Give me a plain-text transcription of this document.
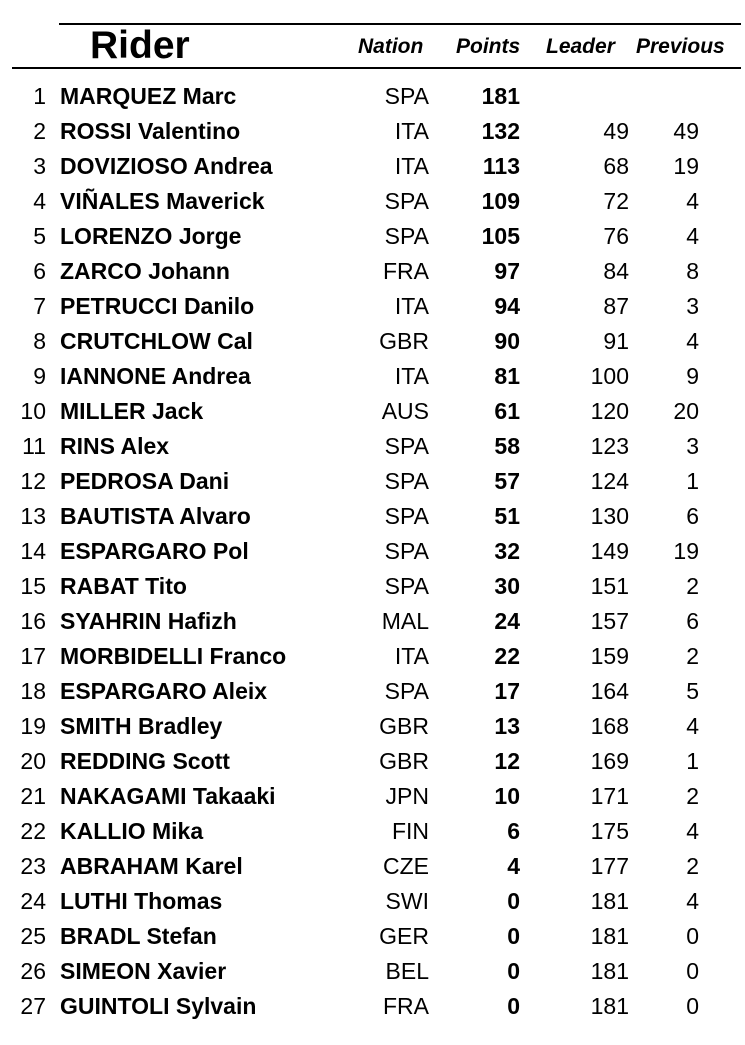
Rider	Nation Points Leader Previous
1 MARQUEZ Marc	SPA 181
2 ROSSI Valentino	ITA 132	49 49
3 DOVIZIOSO Andrea	ITA 113	68 19
4 VIÑALES Maverick	SPA 109	72 4
5 LORENZO Jorge	SPA 105	76 4
6 ZARCO Johann	FRA	97	84 8
7 PETRUCCI Danilo	ITA	94	87 3
8 CRUTCHLOW Cal	GBR	90	91 4
9 IANNONE Andrea	ITA	81	100 9
10 MILLER Jack	AUS	61	120 20
11 RINS Alex	SPA	58	123 3
12 PEDROSA Dani	SPA	57	124 1
13 BAUTISTA Alvaro	SPA	51	130 6
14 ESPARGARO Pol	SPA	32	149 19
15 RABAT Tito	SPA	30	151 2
16 SYAHRIN Hafizh	MAL	24	157 6
17 MORBIDELLI Franco	ITA	22	159 2
18 ESPARGARO Aleix	SPA	17	164 5
19 SMITH Bradley	GBR	13	168 4
20 REDDING Scott	GBR	12	169 1
21 NAKAGAMI Takaaki	JPN	10	171 2
22 KALLIO Mika	FIN	6	175 4
23 ABRAHAM Karel	CZE	4	177 2
24 LUTHI Thomas	SWI	0	181 4
25 BRADL Stefan	GER	0	181 0
26 SIMEON Xavier	BEL	0	181 0
27 GUINTOLI Sylvain	FRA	0	181 0
